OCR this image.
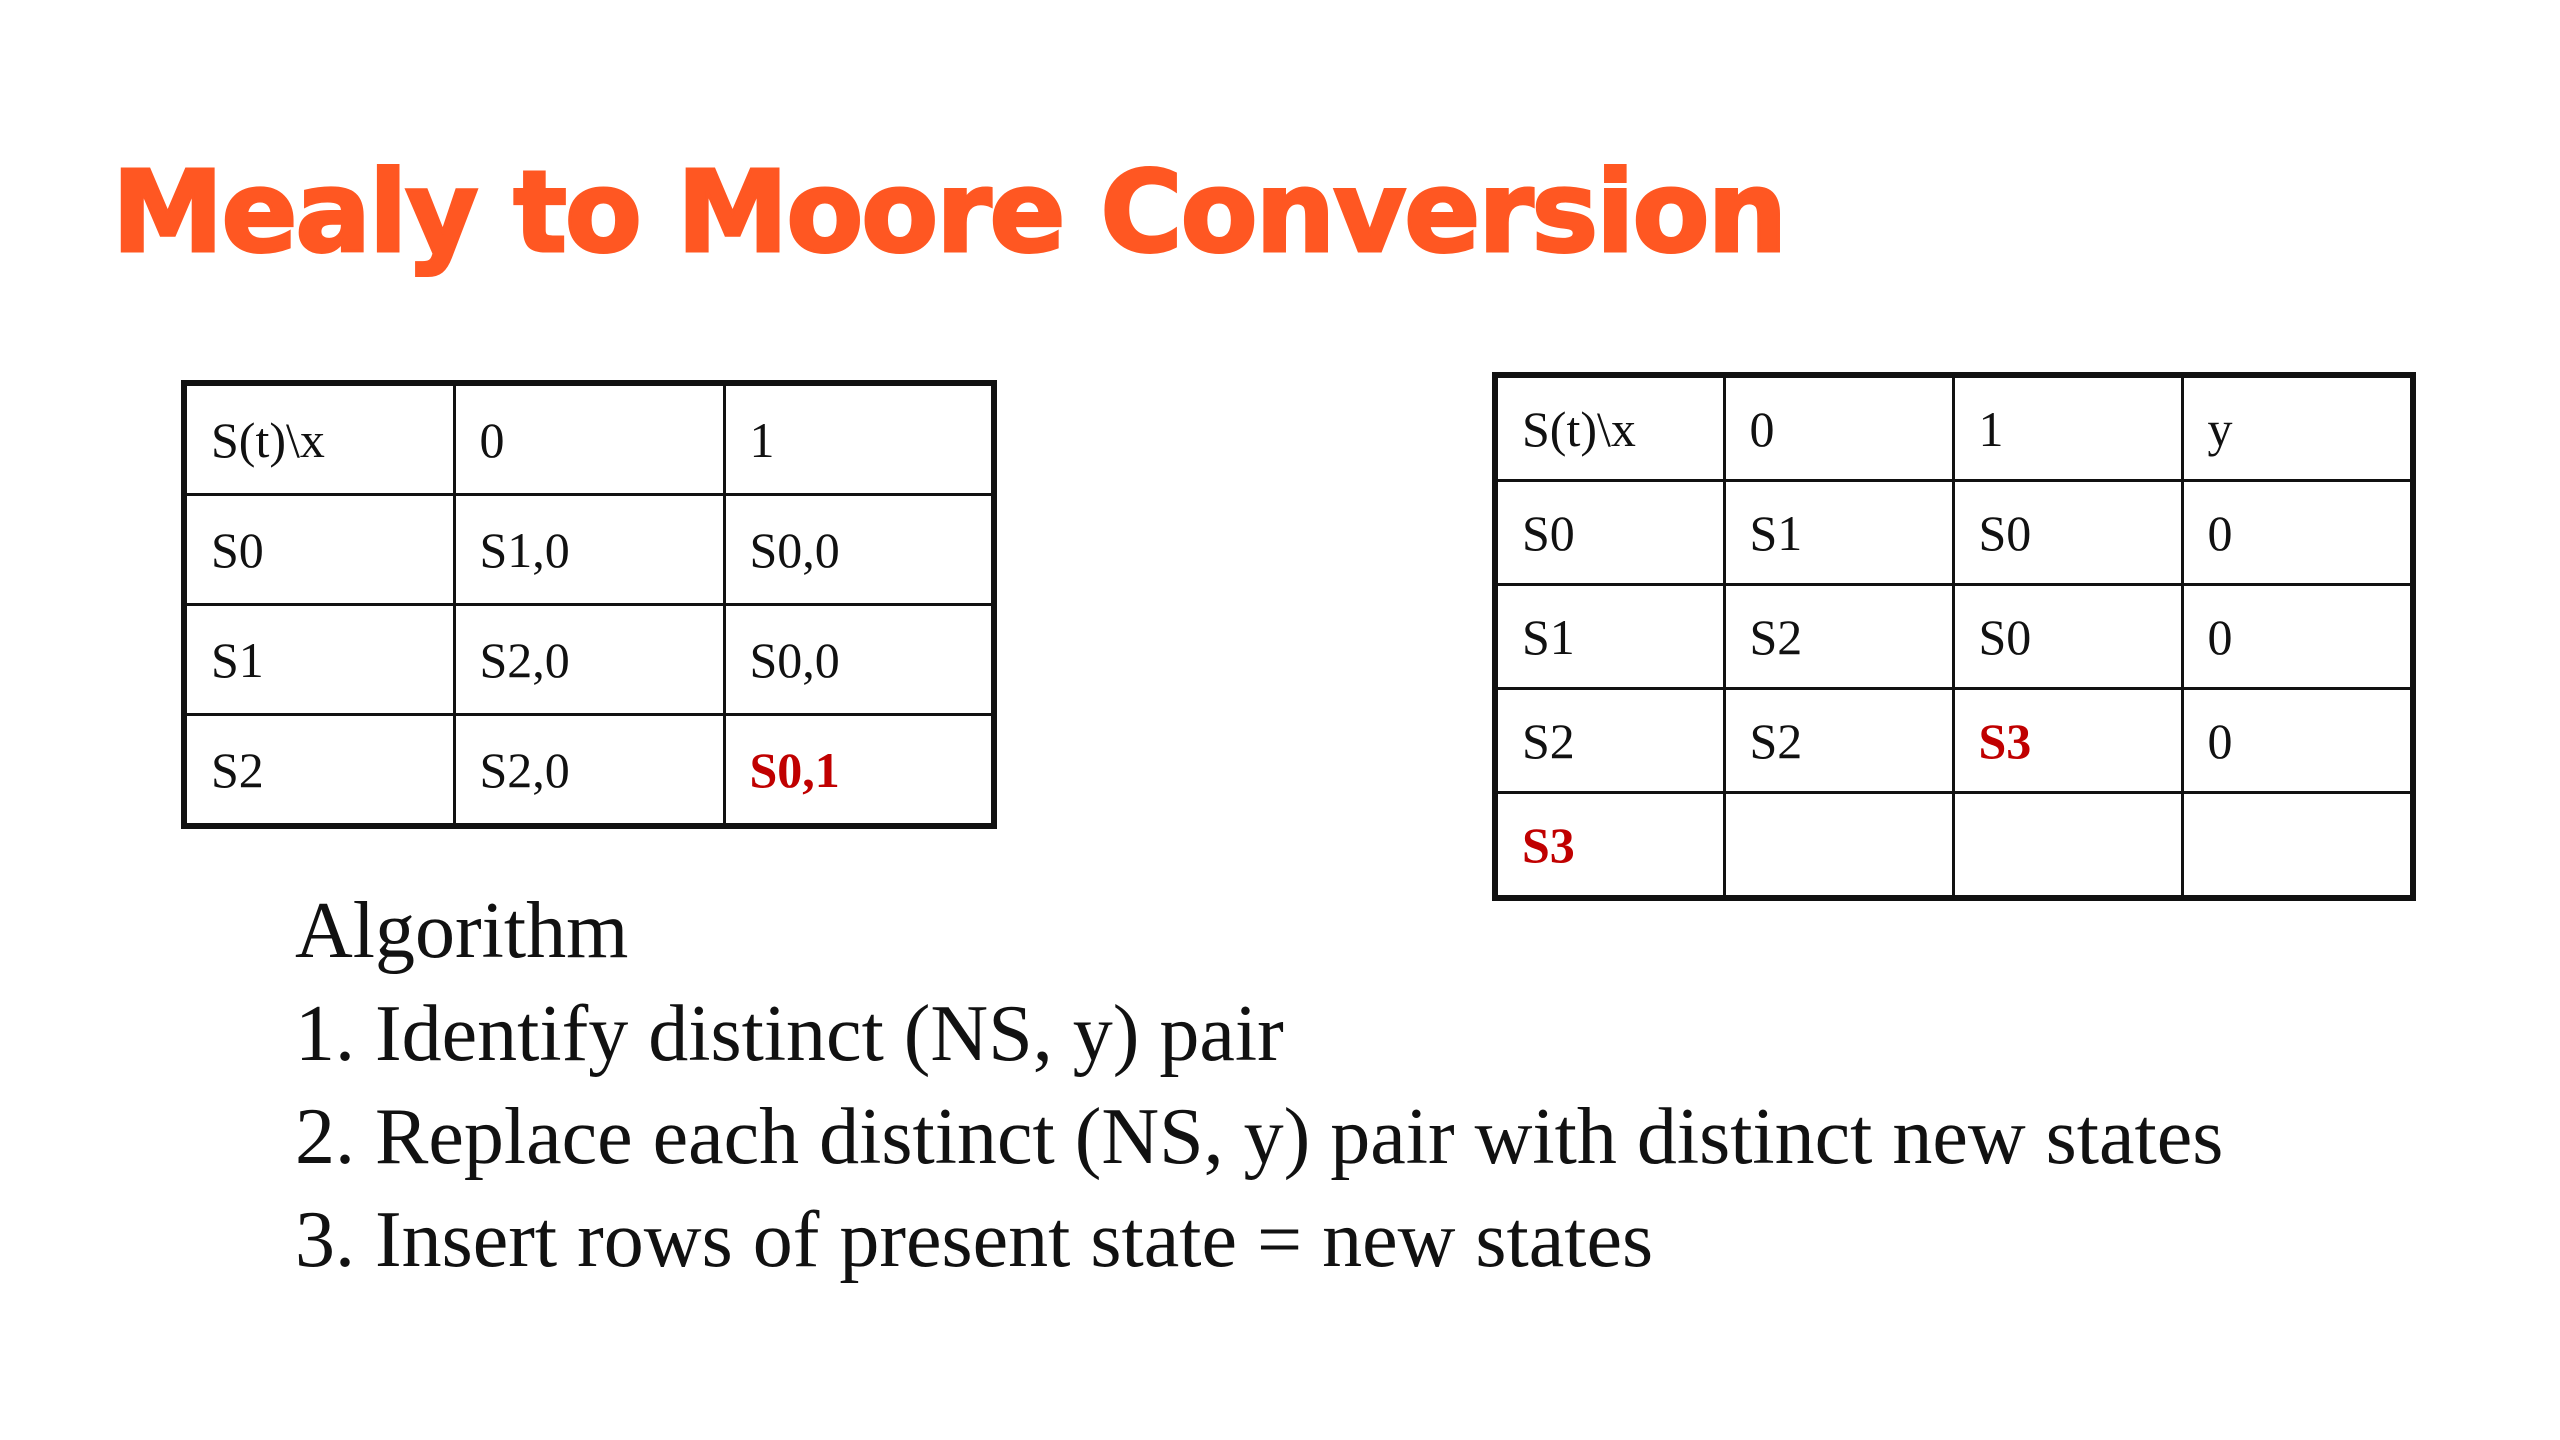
Mealy to Moore Conversion
S(t)\x	0	1
S0	S1,0	S0,0
S1	S2,0	S0,0
S2	S2,0	S0,1
S(t)\x	0	1	y
S0	S1	S0	0
S1	S2	S0	0
S2	S2	S3	0
S3			
Algorithm
1. Identify distinct (NS, y) pair
2. Replace each distinct (NS, y) pair with distinct new states
3. Insert rows of present state = new states
